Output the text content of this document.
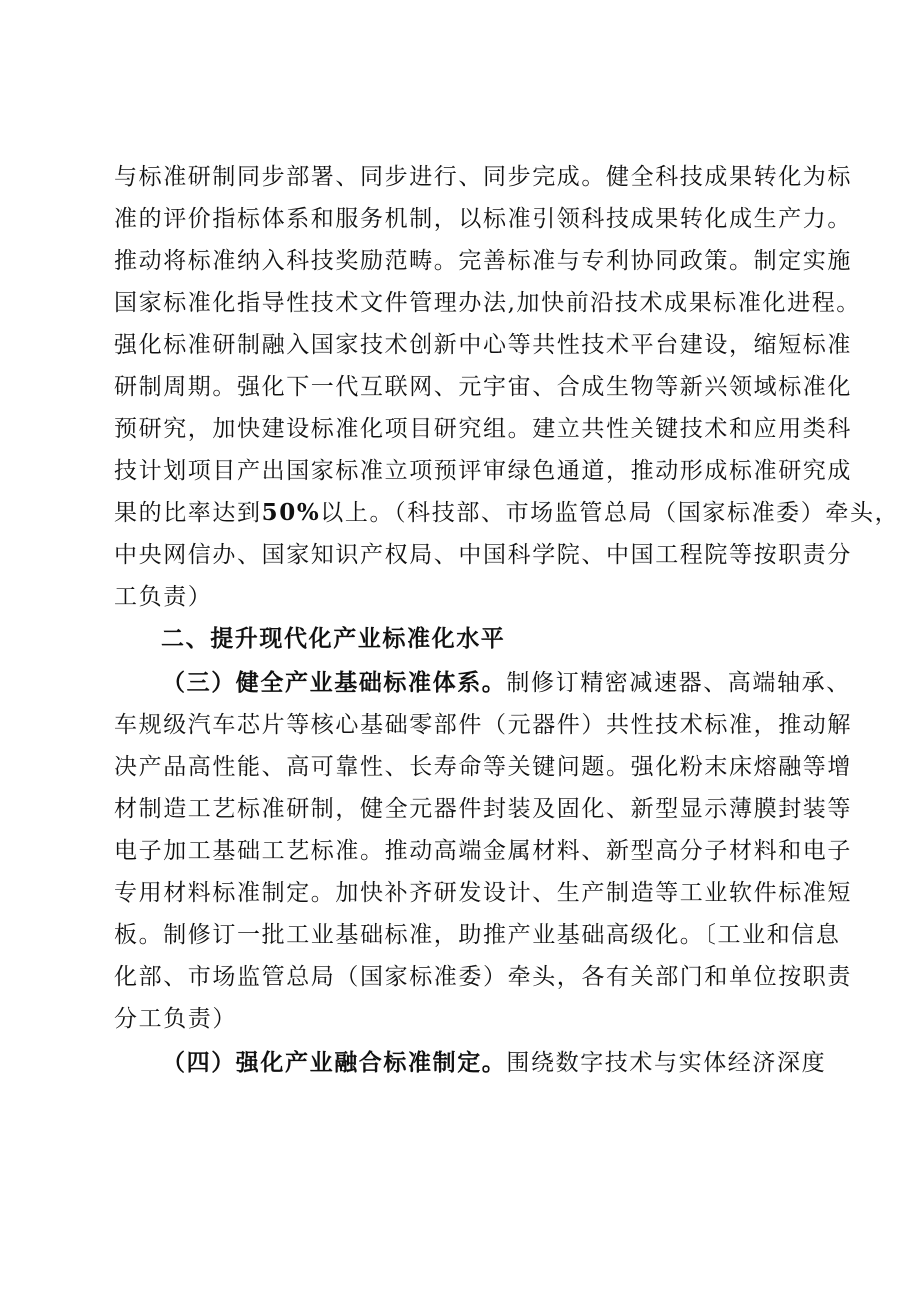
与标准研制同步部署、同步进行、同步完成。健全科技成果转化为标
准的评价指标体系和服务机制，以标准引领科技成果转化成生产力。
推动将标准纳入科技奖励范畴。完善标准与专利协同政策。制定实施
国家标准化指导性技术文件管理办法,加快前沿技术成果标准化进程。
强化标准研制融入国家技术创新中心等共性技术平台建设，缩短标准
研制周期。强化下一代互联网、元宇宙、合成生物等新兴领域标准化
预研究，加快建设标准化项目研究组。建立共性关键技术和应用类科
技计划项目产出国家标准立项预评审绿色通道，推动形成标准研究成
果的比率达到50%以上。（科技部、市场监管总局（国家标准委）牵头，
中央网信办、国家知识产权局、中国科学院、中国工程院等按职责分
工负责）
二、提升现代化产业标准化水平
（三）健全产业基础标准体系。制修订精密减速器、高端轴承、
车规级汽车芯片等核心基础零部件（元器件）共性技术标准，推动解
决产品高性能、高可靠性、长寿命等关键问题。强化粉末床熔融等增
材制造工艺标准研制，健全元器件封装及固化、新型显示薄膜封装等
电子加工基础工艺标准。推动高端金属材料、新型高分子材料和电子
专用材料标准制定。加快补齐研发设计、生产制造等工业软件标准短
板。制修订一批工业基础标准，助推产业基础高级化。〔工业和信息
化部、市场监管总局（国家标准委）牵头，各有关部门和单位按职责
分工负责）
（四）强化产业融合标准制定。围绕数字技术与实体经济深度
